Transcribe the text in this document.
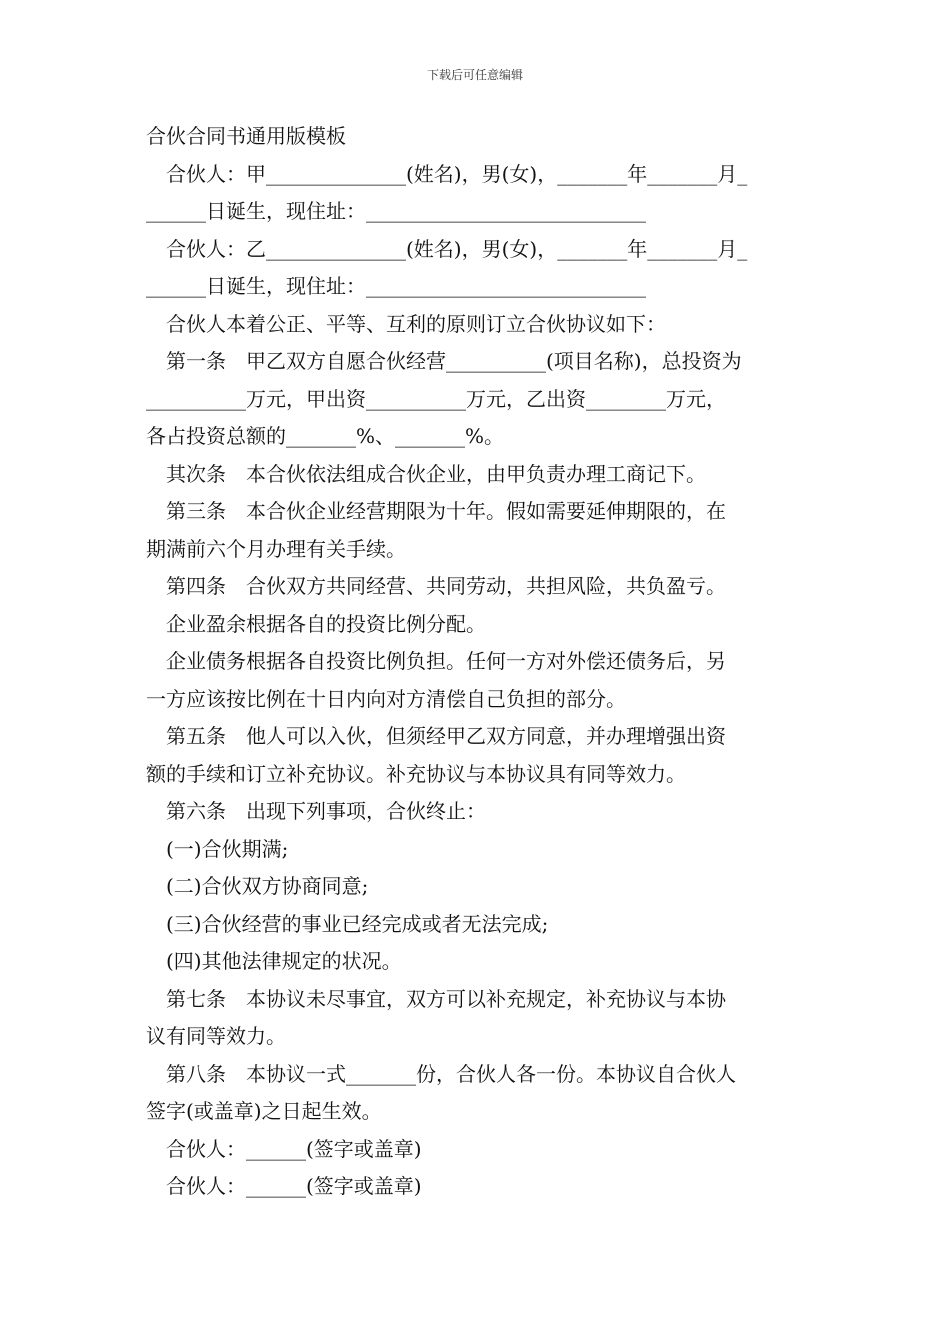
下载后可任意编辑

合伙合同书通用版模板

合伙人：甲______________(姓名)，男(女)，_______年_______月_

______日诞生，现住址：____________________________

合伙人：乙______________(姓名)，男(女)，_______年_______月_

______日诞生，现住址：____________________________

合伙人本着公正、平等、互利的原则订立合伙协议如下：

第一条　甲乙双方自愿合伙经营__________(项目名称)，总投资为

__________万元，甲出资__________万元，乙出资________万元，

各占投资总额的_______%、_______%。

其次条　本合伙依法组成合伙企业，由甲负责办理工商记下。

第三条　本合伙企业经营期限为十年。假如需要延伸期限的，在

期满前六个月办理有关手续。

第四条　合伙双方共同经营、共同劳动，共担风险，共负盈亏。

企业盈余根据各自的投资比例分配。

企业债务根据各自投资比例负担。任何一方对外偿还债务后，另

一方应该按比例在十日内向对方清偿自己负担的部分。

第五条　他人可以入伙，但须经甲乙双方同意，并办理增强出资

额的手续和订立补充协议。补充协议与本协议具有同等效力。

第六条　出现下列事项，合伙终止：

(一)合伙期满;

(二)合伙双方协商同意;

(三)合伙经营的事业已经完成或者无法完成;

(四)其他法律规定的状况。

第七条　本协议未尽事宜，双方可以补充规定，补充协议与本协

议有同等效力。

第八条　本协议一式_______份，合伙人各一份。本协议自合伙人

签字(或盖章)之日起生效。

合伙人：______(签字或盖章)

合伙人：______(签字或盖章)
